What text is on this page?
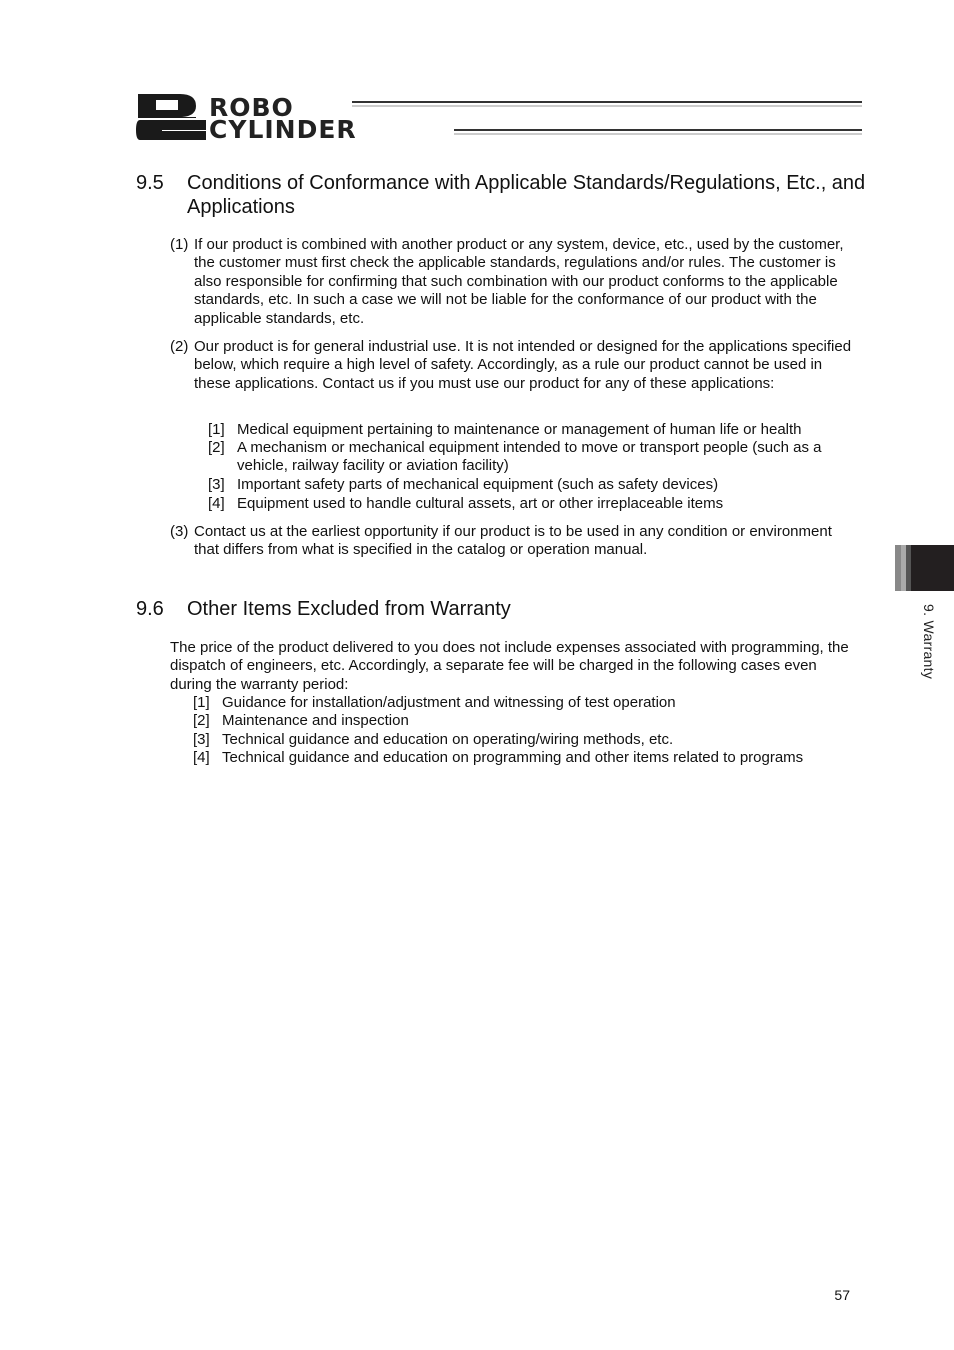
ROBO
CYLINDER
9.5 Conditions of Conformance with Applicable Standards/Regulations, Etc., and Applications
(1) If our product is combined with another product or any system, device, etc., used by the customer, the customer must first check the applicable standards, regulations and/or rules. The customer is also responsible for confirming that such combination with our product conforms to the applicable standards, etc. In such a case we will not be liable for the conformance of our product with the applicable standards, etc.
(2) Our product is for general industrial use. It is not intended or designed for the applications specified below, which require a high level of safety. Accordingly, as a rule our product cannot be used in these applications. Contact us if you must use our product for any of these applications:
[1] Medical equipment pertaining to maintenance or management of human life or health
[2] A mechanism or mechanical equipment intended to move or transport people (such as a vehicle, railway facility or aviation facility)
[3] Important safety parts of mechanical equipment (such as safety devices)
[4] Equipment used to handle cultural assets, art or other irreplaceable items
(3) Contact us at the earliest opportunity if our product is to be used in any condition or environment that differs from what is specified in the catalog or operation manual.
9.6 Other Items Excluded from Warranty
The price of the product delivered to you does not include expenses associated with programming, the dispatch of engineers, etc. Accordingly, a separate fee will be charged in the following cases even during the warranty period:
[1] Guidance for installation/adjustment and witnessing of test operation
[2] Maintenance and inspection
[3] Technical guidance and education on operating/wiring methods, etc.
[4] Technical guidance and education on programming and other items related to programs
9. Warranty
57
